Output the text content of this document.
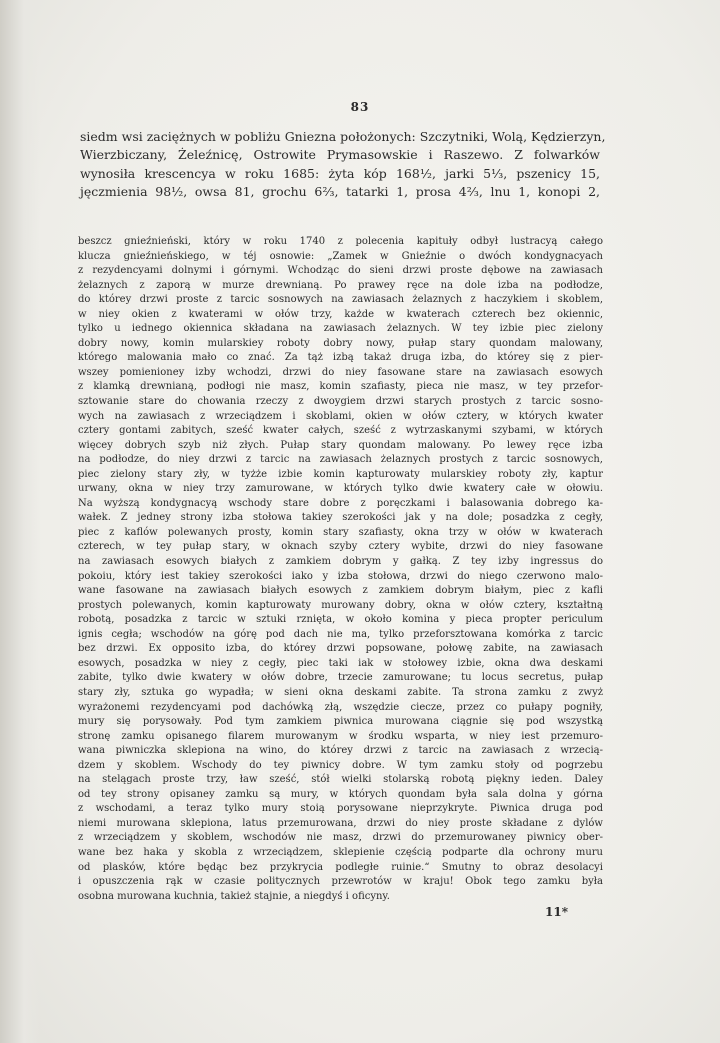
83
siedm wsi zaciężnych w pobliżu Gniezna położonych: Szczytniki, Wolą, Kędzierzyn,
Wierzbiczany, Żeleźnicę, Ostrowite Prymasowskie i Raszewo. Z folwarków
wynosiła krescencya w roku 1685: żyta kóp 168½, jarki 5⅓, pszenicy 15,
jęczmienia 98½, owsa 81, grochu 6⅔, tatarki 1, prosa 4⅔, lnu 1, konopi 2,
beszcz gnieźnieński, który w roku 1740 z polecenia kapituły odbył lustracyą całego
klucza gnieźnieńskiego, w téj osnowie: „Zamek w Gnieźnie o dwóch kondygnacyach
z rezydencyami dolnymi i górnymi. Wchodząc do sieni drzwi proste dębowe na zawiasach
żelaznych z zaporą w murze drewnianą. Po prawey ręce na dole izba na podłodze,
do którey drzwi proste z tarcic sosnowych na zawiasach żelaznych z haczykiem i skoblem,
w niey okien z kwaterami w ołów trzy, każde w kwaterach czterech bez okiennic,
tylko u iednego okiennica składana na zawiasach żelaznych. W tey izbie piec zielony
dobry nowy, komin mularskiey roboty dobry nowy, pułap stary quondam malowany,
którego malowania mało co znać. Za tąż izbą takaż druga izba, do którey się z pier-
wszey pomienioney izby wchodzi, drzwi do niey fasowane stare na zawiasach esowych
z klamką drewnianą, podłogi nie masz, komin szafiasty, pieca nie masz, w tey przefor-
sztowanie stare do chowania rzeczy z dwoygiem drzwi starych prostych z tarcic sosno-
wych na zawiasach z wrzeciądzem i skoblami, okien w ołów cztery, w których kwater
cztery gontami zabitych, sześć kwater całych, sześć z wytrzaskanymi szybami, w których
więcey dobrych szyb niż złych. Pułap stary quondam malowany. Po lewey ręce izba
na podłodze, do niey drzwi z tarcic na zawiasach żelaznych prostych z tarcic sosnowych,
piec zielony stary zły, w tyżże izbie komin kapturowaty mularskiey roboty zły, kaptur
urwany, okna w niey trzy zamurowane, w których tylko dwie kwatery całe w ołowiu.
Na wyższą kondygnacyą wschody stare dobre z poręczkami i balasowania dobrego ka-
wałek. Z jedney strony izba stołowa takiey szerokości jak y na dole; posadzka z cegły,
piec z kaflów polewanych prosty, komin stary szafiasty, okna trzy w ołów w kwaterach
czterech, w tey pułap stary, w oknach szyby cztery wybite, drzwi do niey fasowane
na zawiasach esowych białych z zamkiem dobrym y gałką. Z tey izby ingressus do
pokoiu, który iest takiey szerokości iako y izba stołowa, drzwi do niego czerwono malo-
wane fasowane na zawiasach białych esowych z zamkiem dobrym białym, piec z kafli
prostych polewanych, komin kapturowaty murowany dobry, okna w ołów cztery, kształtną
robotą, posadzka z tarcic w sztuki rznięta, w około komina y pieca propter periculum
ignis cegła; wschodów na górę pod dach nie ma, tylko przeforsztowana komórka z tarcic
bez drzwi. Ex opposito izba, do którey drzwi popsowane, połowę zabite, na zawiasach
esowych, posadzka w niey z cegły, piec taki iak w stołowey izbie, okna dwa deskami
zabite, tylko dwie kwatery w ołów dobre, trzecie zamurowane; tu locus secretus, pułap
stary zły, sztuka go wypadła; w sieni okna deskami zabite. Ta strona zamku z zwyż
wyrażonemi rezydencyami pod dachówką złą, wszędzie ciecze, przez co pułapy pogniły,
mury się porysowały. Pod tym zamkiem piwnica murowana ciągnie się pod wszystką
stronę zamku opisanego filarem murowanym w środku wsparta, w niey iest przemuro-
wana piwniczka sklepiona na wino, do którey drzwi z tarcic na zawiasach z wrzecią-
dzem y skoblem. Wschody do tey piwnicy dobre. W tym zamku stoły od pogrzebu
na stelągach proste trzy, ław sześć, stół wielki stolarską robotą piękny ieden. Daley
od tey strony opisaney zamku są mury, w których quondam była sala dolna y górna
z wschodami, a teraz tylko mury stoią porysowane nieprzykryte. Piwnica druga pod
niemi murowana sklepiona, latus przemurowana, drzwi do niey proste składane z dylów
z wrzeciądzem y skoblem, wschodów nie masz, drzwi do przemurowaney piwnicy ober-
wane bez haka y skobla z wrzeciądzem, sklepienie częścią podparte dla ochrony muru
od plasków, które będąc bez przykrycia podległe ruinie.“ Smutny to obraz desolacyi
i opuszczenia rąk w czasie politycznych przewrotów w kraju! Obok tego zamku była
osobna murowana kuchnia, takież stajnie, a niegdyś i oficyny.
11*
